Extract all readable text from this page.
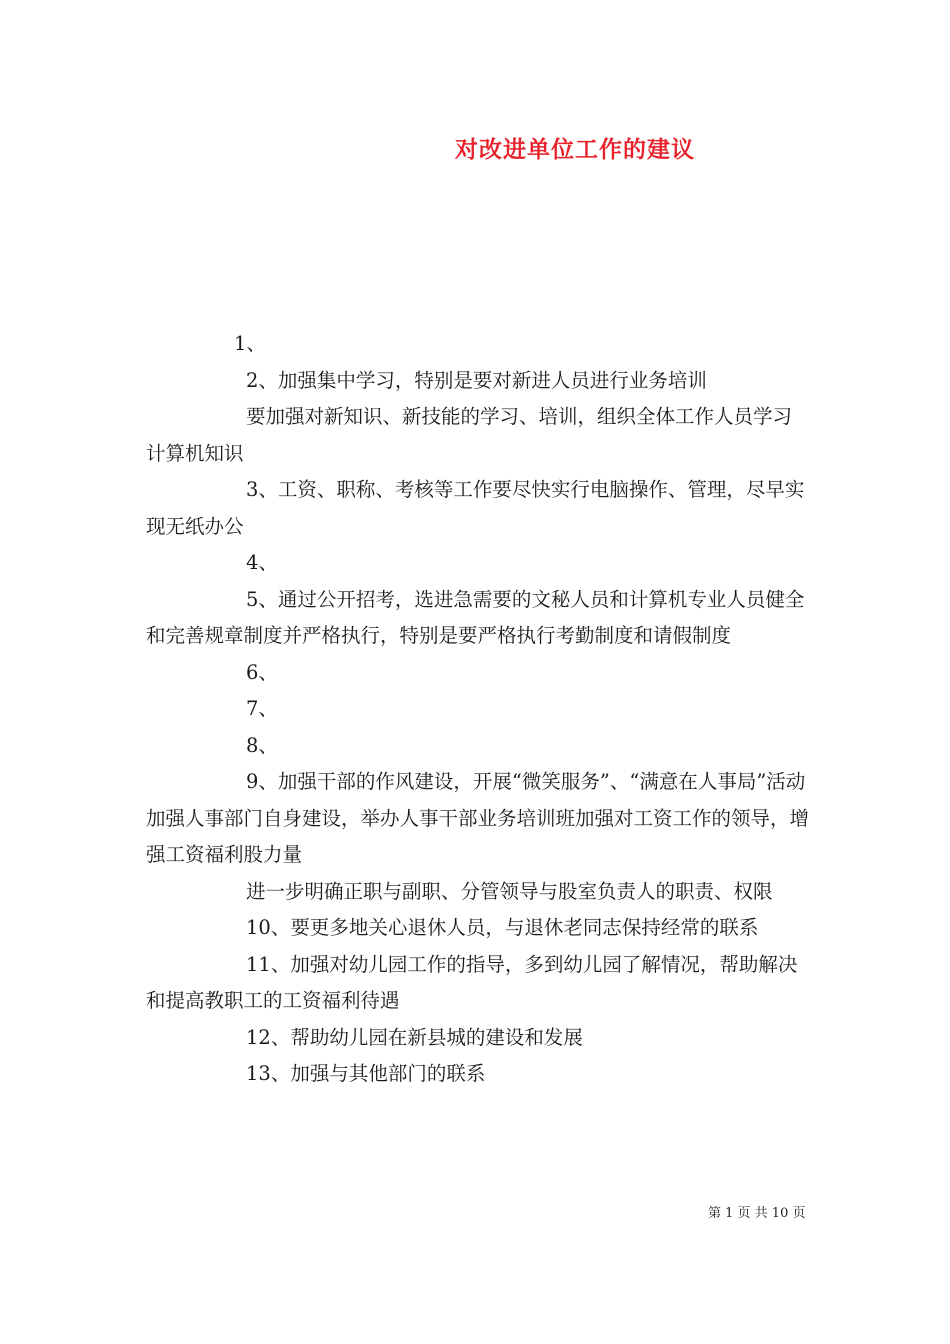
对改进单位工作的建议

1、

2、加强集中学习，特别是要对新进人员进行业务培训

要加强对新知识、新技能的学习、培训，组织全体工作人员学习计算机知识

3、工资、职称、考核等工作要尽快实行电脑操作、管理，尽早实现无纸办公

4、

5、通过公开招考，选进急需要的文秘人员和计算机专业人员健全和完善规章制度并严格执行，特别是要严格执行考勤制度和请假制度

6、

7、

8、

9、加强干部的作风建设，开展“微笑服务”、“满意在人事局”活动加强人事部门自身建设，举办人事干部业务培训班加强对工资工作的领导，增强工资福利股力量

进一步明确正职与副职、分管领导与股室负责人的职责、权限

10、要更多地关心退休人员，与退休老同志保持经常的联系

11、加强对幼儿园工作的指导，多到幼儿园了解情况，帮助解决和提高教职工的工资福利待遇

12、帮助幼儿园在新县城的建设和发展

13、加强与其他部门的联系

第 1 页 共 10 页
